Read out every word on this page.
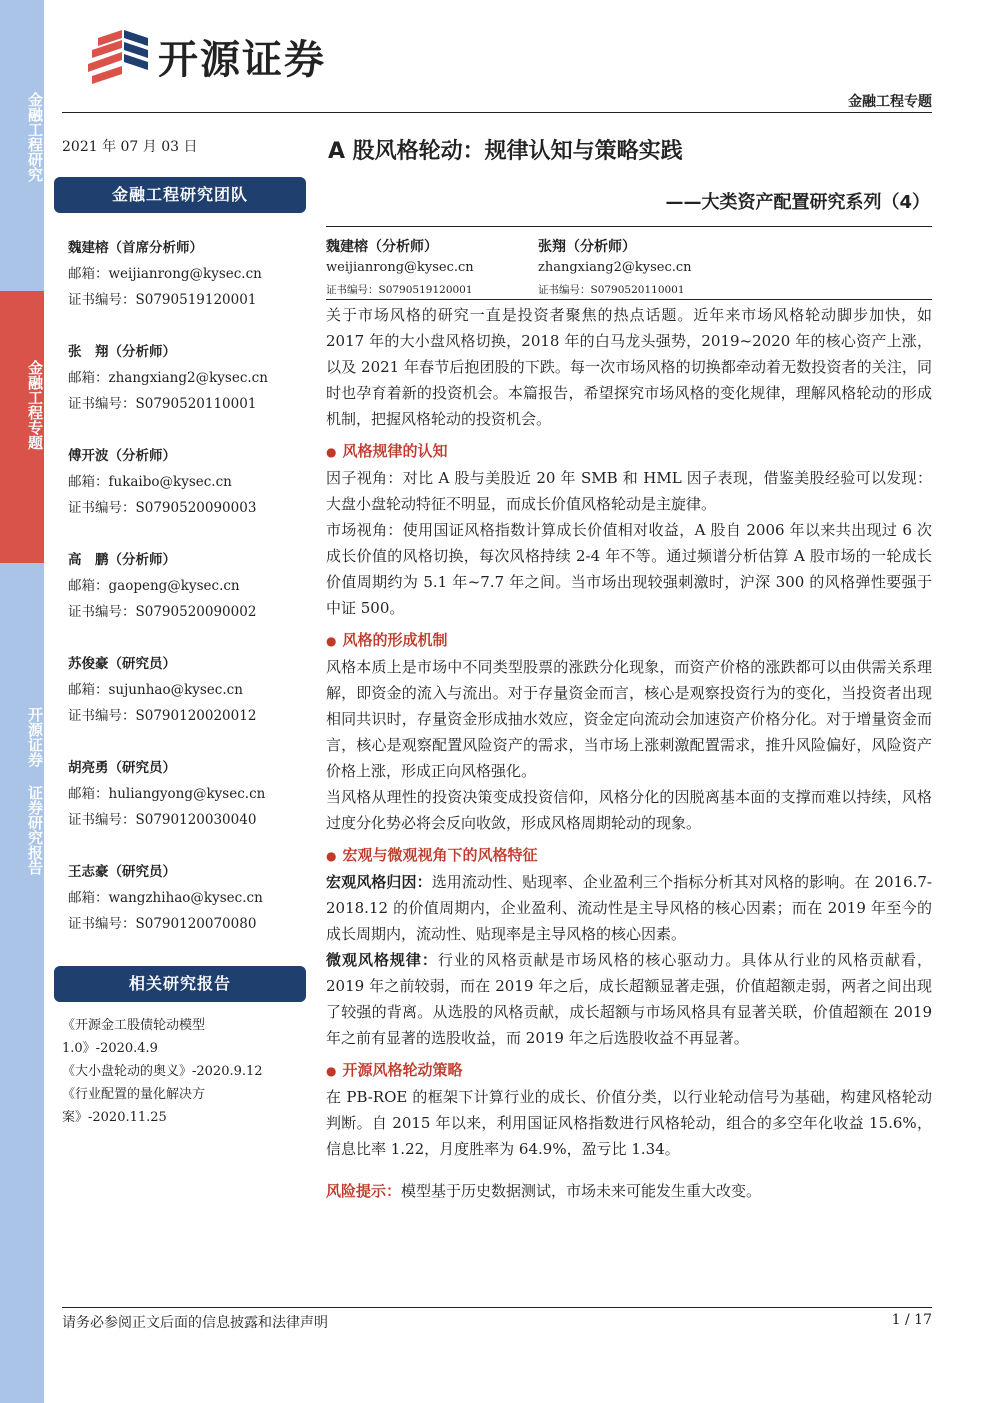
金融工程研究
金融工程专题
开源证券 证券研究报告
开源证券
金融工程专题
2021 年 07 月 03 日
金融工程研究团队
魏建榕（首席分析师）
邮箱：weijianrong@kysec.cn
证书编号：S0790519120001
张　翔（分析师）
邮箱：zhangxiang2@kysec.cn
证书编号：S0790520110001
傅开波（分析师）
邮箱：fukaibo@kysec.cn
证书编号：S0790520090003
高　鹏（分析师）
邮箱：gaopeng@kysec.cn
证书编号：S0790520090002
苏俊豪（研究员）
邮箱：sujunhao@kysec.cn
证书编号：S0790120020012
胡亮勇（研究员）
邮箱：huliangyong@kysec.cn
证书编号：S0790120030040
王志豪（研究员）
邮箱：wangzhihao@kysec.cn
证书编号：S0790120070080
相关研究报告
《开源金工股债轮动模型 1.0》-2020.4.9
《大小盘轮动的奥义》-2020.9.12
《行业配置的量化解决方案》-2020.11.25
A 股风格轮动：规律认知与策略实践
——大类资产配置研究系列（4）
魏建榕（分析师）
weijianrong@kysec.cn
证书编号：S0790519120001
张翔（分析师）
zhangxiang2@kysec.cn
证书编号：S0790520110001

关于市场风格的研究一直是投资者聚焦的热点话题。近年来市场风格轮动脚步加快，如 2017 年的大小盘风格切换，2018 年的白马龙头强势，2019~2020 年的核心资产上涨，以及 2021 年春节后抱团股的下跌。每一次市场风格的切换都牵动着无数投资者的关注，同时也孕育着新的投资机会。本篇报告，希望探究市场风格的变化规律，理解风格轮动的形成机制，把握风格轮动的投资机会。

● 风格规律的认知

因子视角：对比 A 股与美股近 20 年 SMB 和 HML 因子表现，借鉴美股经验可以发现：大盘小盘轮动特征不明显，而成长价值风格轮动是主旋律。

市场视角：使用国证风格指数计算成长价值相对收益，A 股自 2006 年以来共出现过 6 次成长价值的风格切换，每次风格持续 2-4 年不等。通过频谱分析估算 A 股市场的一轮成长价值周期约为 5.1 年~7.7 年之间。当市场出现较强刺激时，沪深 300 的风格弹性要强于中证 500。

● 风格的形成机制

风格本质上是市场中不同类型股票的涨跌分化现象，而资产价格的涨跌都可以由供需关系理解，即资金的流入与流出。对于存量资金而言，核心是观察投资行为的变化，当投资者出现相同共识时，存量资金形成抽水效应，资金定向流动会加速资产价格分化。对于增量资金而言，核心是观察配置风险资产的需求，当市场上涨刺激配置需求，推升风险偏好，风险资产价格上涨，形成正向风格强化。

当风格从理性的投资决策变成投资信仰，风格分化的因脱离基本面的支撑而难以持续，风格过度分化势必将会反向收敛，形成风格周期轮动的现象。

● 宏观与微观视角下的风格特征

宏观风格归因：选用流动性、贴现率、企业盈利三个指标分析其对风格的影响。在 2016.7-2018.12 的价值周期内，企业盈利、流动性是主导风格的核心因素；而在 2019 年至今的成长周期内，流动性、贴现率是主导风格的核心因素。

微观风格规律：行业的风格贡献是市场风格的核心驱动力。具体从行业的风格贡献看，2019 年之前较弱，而在 2019 年之后，成长超额显著走强，价值超额走弱，两者之间出现了较强的背离。从选股的风格贡献，成长超额与市场风格具有显著关联，价值超额在 2019 年之前有显著的选股收益，而 2019 年之后选股收益不再显著。

● 开源风格轮动策略

在 PB-ROE 的框架下计算行业的成长、价值分类，以行业轮动信号为基础，构建风格轮动判断。自 2015 年以来，利用国证风格指数进行风格轮动，组合的多空年化收益 15.6%，信息比率 1.22，月度胜率为 64.9%，盈亏比 1.34。

风险提示：模型基于历史数据测试，市场未来可能发生重大改变。

请务必参阅正文后面的信息披露和法律声明	1 / 17
